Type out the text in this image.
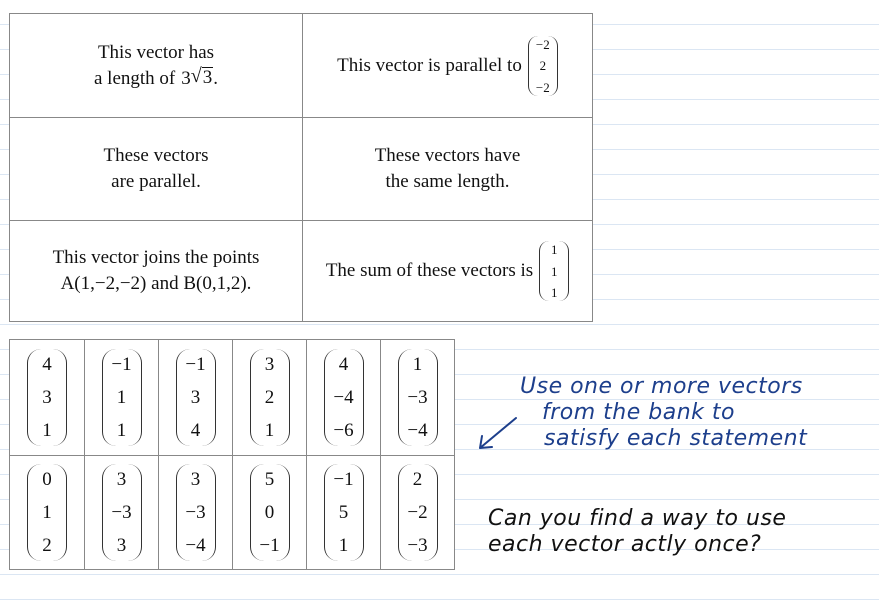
This vector has
a length of 3 √ 3 .
This vector is parallel to
−2
2
−2
These vectors
are parallel.
These vectors have
the same length.
This vector joins the points
A(1,−2,−2) and B(0,1,2).
The sum of these vectors is
1
1
1
4
3
1
−1
1
1
−1
3
4
3
2
1
4
−4
−6
1
−3
−4
0
1
2
3
−3
3
3
−3
−4
5
0
−1
−1
5
1
2
−2
−3
Use one or more vectors
from the bank to
satisfy each statement
Can you find a way to use
each vector actly once?
